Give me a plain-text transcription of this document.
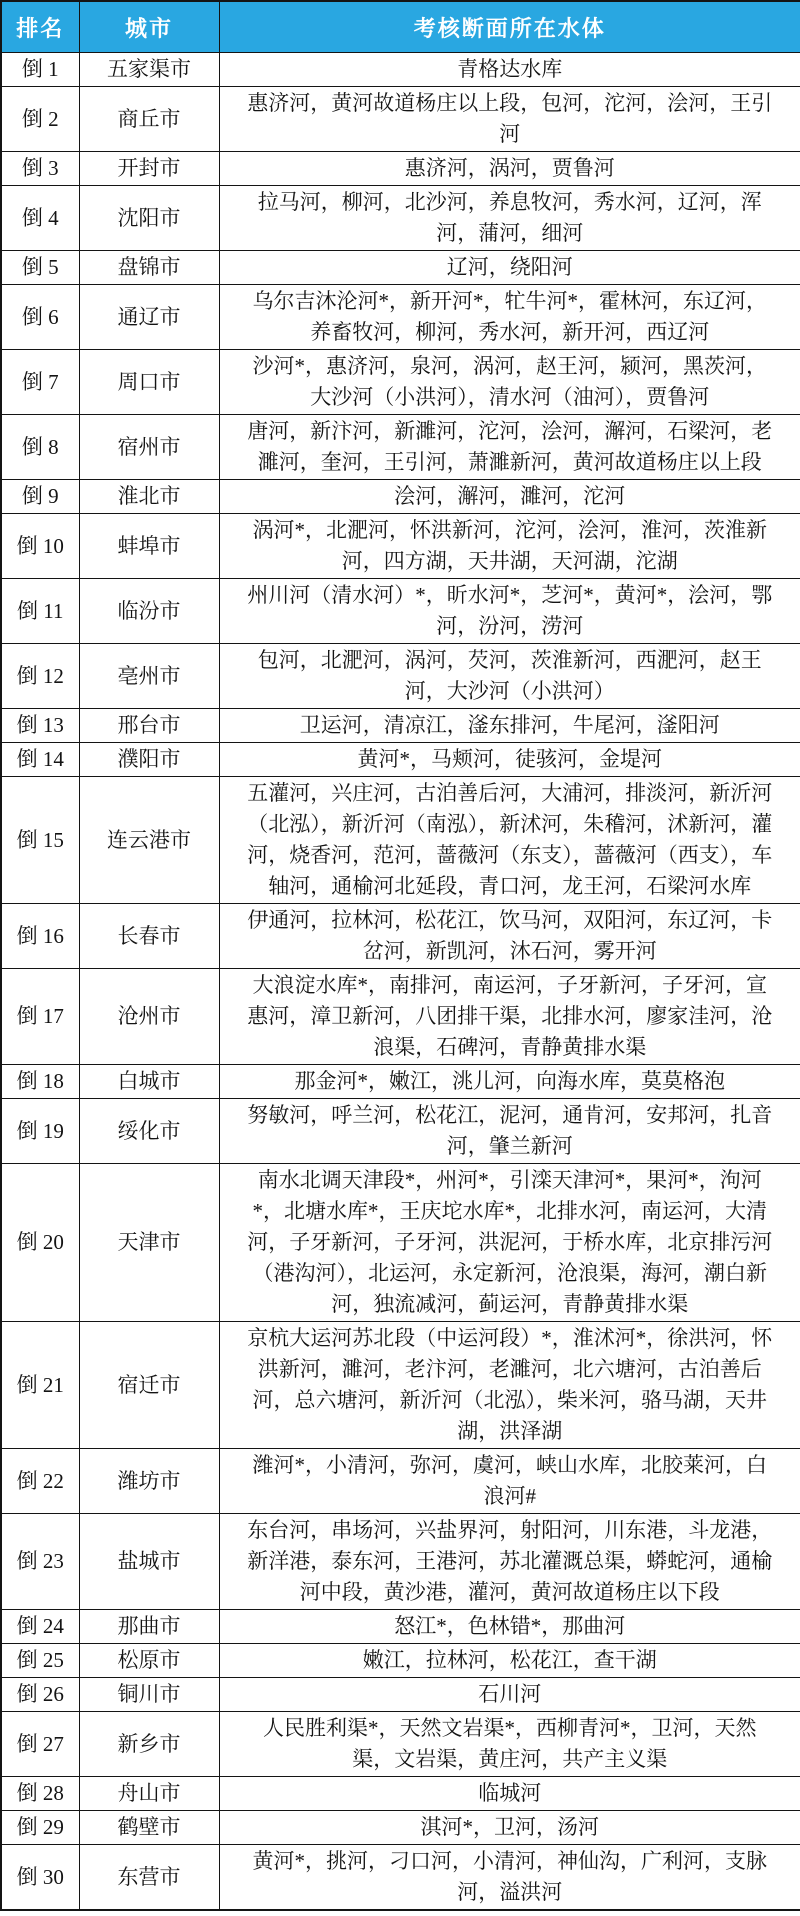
排名	城市	考核断面所在水体
倒 1	五家渠市	青格达水库
倒 2	商丘市	惠济河，黄河故道杨庄以上段，包河，沱河，浍河，王引河
倒 3	开封市	惠济河，涡河，贾鲁河
倒 4	沈阳市	拉马河，柳河，北沙河，养息牧河，秀水河，辽河，浑河，蒲河，细河
倒 5	盘锦市	辽河，绕阳河
倒 6	通辽市	乌尔吉沐沦河*，新开河*，牤牛河*，霍林河，东辽河，养畜牧河，柳河，秀水河，新开河，西辽河
倒 7	周口市	沙河*，惠济河，泉河，涡河，赵王河，颍河，黑茨河，大沙河（小洪河），清水河（油河），贾鲁河
倒 8	宿州市	唐河，新汴河，新濉河，沱河，浍河，澥河，石梁河，老濉河，奎河，王引河，萧濉新河，黄河故道杨庄以上段
倒 9	淮北市	浍河，澥河，濉河，沱河
倒 10	蚌埠市	涡河*，北淝河，怀洪新河，沱河，浍河，淮河，茨淮新河，四方湖，天井湖，天河湖，沱湖
倒 11	临汾市	州川河（清水河）*，昕水河*，芝河*，黄河*，浍河，鄂河，汾河，涝河
倒 12	亳州市	包河，北淝河，涡河，芡河，茨淮新河，西淝河，赵王河，大沙河（小洪河）
倒 13	邢台市	卫运河，清凉江，滏东排河，牛尾河，滏阳河
倒 14	濮阳市	黄河*，马颊河，徒骇河，金堤河
倒 15	连云港市	五灌河，兴庄河，古泊善后河，大浦河，排淡河，新沂河（北泓），新沂河（南泓），新沭河，朱稽河，沭新河，灌河，烧香河，范河，蔷薇河（东支），蔷薇河（西支），车轴河，通榆河北延段，青口河，龙王河，石梁河水库
倒 16	长春市	伊通河，拉林河，松花江，饮马河，双阳河，东辽河，卡岔河，新凯河，沐石河，雾开河
倒 17	沧州市	大浪淀水库*，南排河，南运河，子牙新河，子牙河，宣惠河，漳卫新河，八团排干渠，北排水河，廖家洼河，沧浪渠，石碑河，青静黄排水渠
倒 18	白城市	那金河*，嫩江，洮儿河，向海水库，莫莫格泡
倒 19	绥化市	努敏河，呼兰河，松花江，泥河，通肯河，安邦河，扎音河，肇兰新河
倒 20	天津市	南水北调天津段*，州河*，引滦天津河*，果河*，泃河*，北塘水库*，王庆坨水库*，北排水河，南运河，大清河，子牙新河，子牙河，洪泥河，于桥水库，北京排污河（港沟河），北运河，永定新河，沧浪渠，海河，潮白新河，独流减河，蓟运河，青静黄排水渠
倒 21	宿迁市	京杭大运河苏北段（中运河段）*，淮沭河*，徐洪河，怀洪新河，濉河，老汴河，老濉河，北六塘河，古泊善后河，总六塘河，新沂河（北泓），柴米河，骆马湖，天井湖，洪泽湖
倒 22	潍坊市	潍河*，小清河，弥河，虞河，峡山水库，北胶莱河，白浪河#
倒 23	盐城市	东台河，串场河，兴盐界河，射阳河，川东港，斗龙港，新洋港，泰东河，王港河，苏北灌溉总渠，蟒蛇河，通榆河中段，黄沙港，灌河，黄河故道杨庄以下段
倒 24	那曲市	怒江*，色林错*，那曲河
倒 25	松原市	嫩江，拉林河，松花江，查干湖
倒 26	铜川市	石川河
倒 27	新乡市	人民胜利渠*，天然文岩渠*，西柳青河*，卫河，天然渠，文岩渠，黄庄河，共产主义渠
倒 28	舟山市	临城河
倒 29	鹤壁市	淇河*，卫河，汤河
倒 30	东营市	黄河*，挑河，刁口河，小清河，神仙沟，广利河，支脉河，溢洪河
